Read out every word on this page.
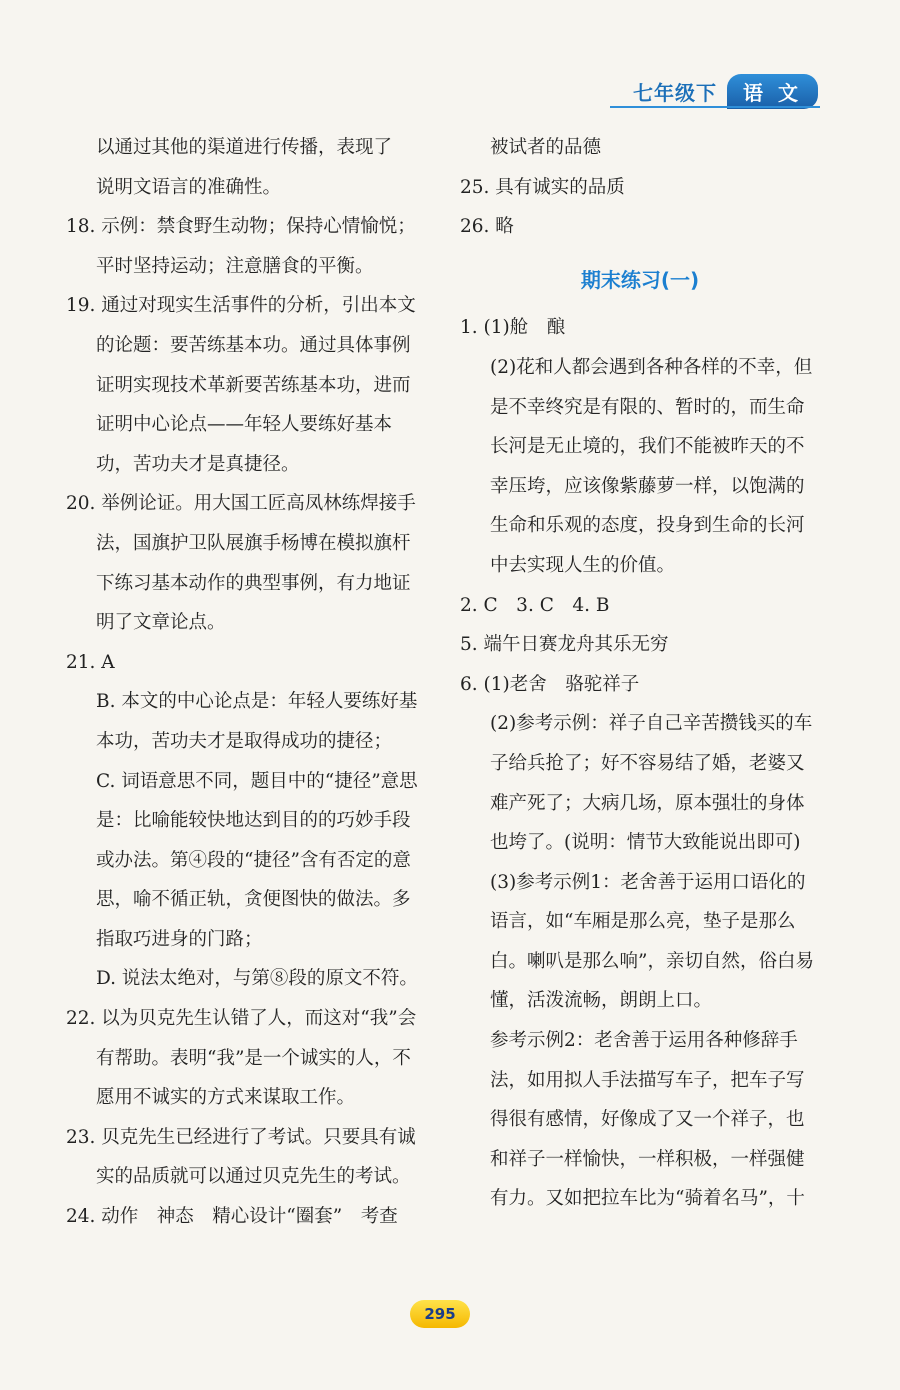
七年级下	语 文

以通过其他的渠道进行传播，表现了

说明文语言的准确性。

18. 示例：禁食野生动物；保持心情愉悦；平时坚持运动；注意膳食的平衡。

19. 通过对现实生活事件的分析，引出本文的论题：要苦练基本功。通过具体事例证明实现技术革新要苦练基本功，进而证明中心论点——年轻人要练好基本功，苦功夫才是真捷径。

20. 举例论证。用大国工匠高凤林练焊接手法，国旗护卫队展旗手杨博在模拟旗杆下练习基本动作的典型事例，有力地证明了文章论点。

21. A

B. 本文的中心论点是：年轻人要练好基本功，苦功夫才是取得成功的捷径；

C. 词语意思不同，题目中的“捷径”意思是：比喻能较快地达到目的的巧妙手段或办法。第④段的“捷径”含有否定的意思，喻不循正轨，贪便图快的做法。多指取巧进身的门路；

D. 说法太绝对，与第⑧段的原文不符。

22. 以为贝克先生认错了人，而这对“我”会有帮助。表明“我”是一个诚实的人，不愿用不诚实的方式来谋取工作。

23. 贝克先生已经进行了考试。只要具有诚实的品质就可以通过贝克先生的考试。

24. 动作　神态　精心设计“圈套”　考查

被试者的品德

25. 具有诚实的品质

26. 略

期末练习(一)

1. (1)舱　酿

(2)花和人都会遇到各种各样的不幸，但是不幸终究是有限的、暂时的，而生命长河是无止境的，我们不能被昨天的不幸压垮，应该像紫藤萝一样，以饱满的生命和乐观的态度，投身到生命的长河中去实现人生的价值。

2. C　3. C　4. B

5. 端午日赛龙舟其乐无穷

6. (1)老舍　骆驼祥子

(2)参考示例：祥子自己辛苦攒钱买的车子给兵抢了；好不容易结了婚，老婆又难产死了；大病几场，原本强壮的身体也垮了。(说明：情节大致能说出即可)

(3)参考示例1：老舍善于运用口语化的语言，如“车厢是那么亮，垫子是那么白。喇叭是那么响”，亲切自然，俗白易懂，活泼流畅，朗朗上口。

参考示例2：老舍善于运用各种修辞手法，如用拟人手法描写车子，把车子写得很有感情，好像成了又一个祥子，也和祥子一样愉快，一样积极，一样强健有力。又如把拉车比为“骑着名马”，十

295
